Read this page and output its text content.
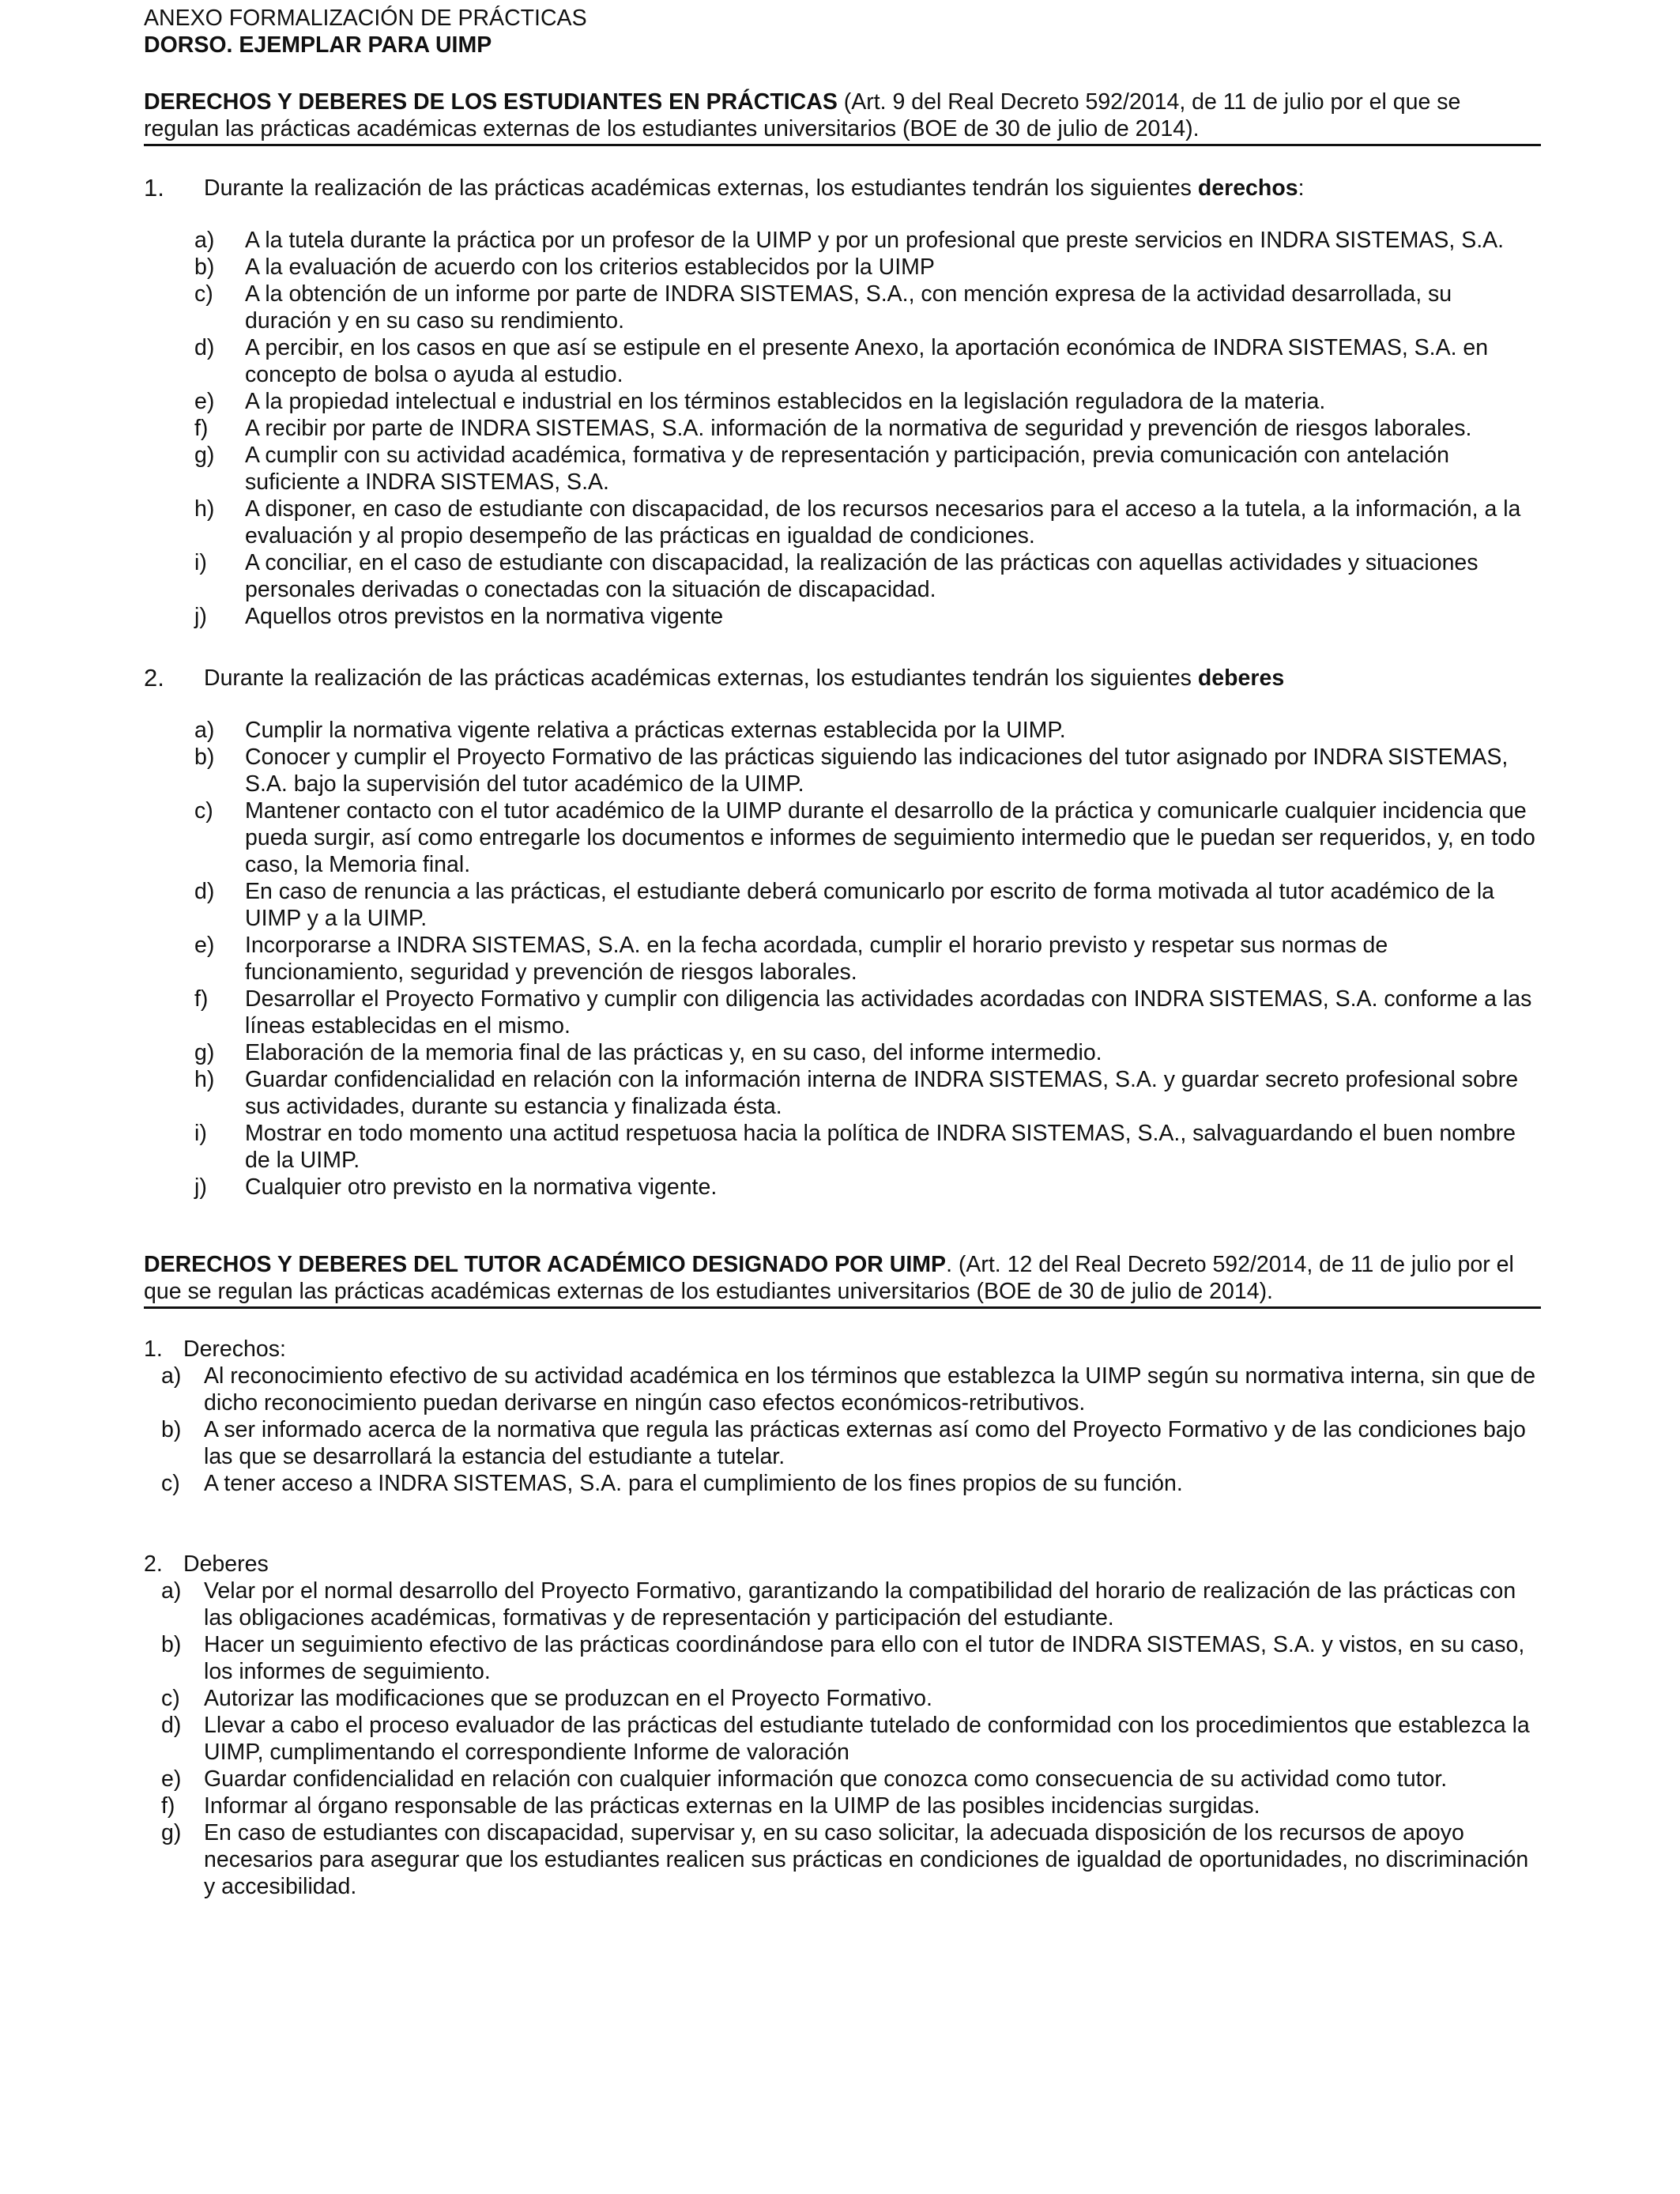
ANEXO FORMALIZACIÓN DE PRÁCTICAS

DORSO. EJEMPLAR PARA UIMP

DERECHOS Y DEBERES DE LOS ESTUDIANTES EN PRÁCTICAS (Art. 9 del Real Decreto 592/2014, de 11 de julio por el que se regulan las prácticas académicas externas de los estudiantes universitarios (BOE de 30 de julio de 2014).
1. Durante la realización de las prácticas académicas externas, los estudiantes tendrán los siguientes derechos:
a) A la tutela durante la práctica por un profesor de la UIMP y por un profesional que preste servicios en INDRA SISTEMAS, S.A.
b) A la evaluación de acuerdo con los criterios establecidos por la UIMP
c) A la obtención de un informe por parte de INDRA SISTEMAS, S.A., con mención expresa de la actividad desarrollada, su duración y en su caso su rendimiento.
d) A percibir, en los casos en que así se estipule en el presente Anexo, la aportación económica de INDRA SISTEMAS, S.A. en concepto de bolsa o ayuda al estudio.
e) A la propiedad intelectual e industrial en los términos establecidos en la legislación reguladora de la materia.
f) A recibir por parte de INDRA SISTEMAS, S.A. información de la normativa de seguridad y prevención de riesgos laborales.
g) A cumplir con su actividad académica, formativa y de representación y participación, previa comunicación con antelación suficiente a INDRA SISTEMAS, S.A.
h) A disponer, en caso de estudiante con discapacidad, de los recursos necesarios para el acceso a la tutela, a la información, a la evaluación y al propio desempeño de las prácticas en igualdad de condiciones.
i) A conciliar, en el caso de estudiante con discapacidad, la realización de las prácticas con aquellas actividades y situaciones personales derivadas o conectadas con la situación de discapacidad.
j) Aquellos otros previstos en la normativa vigente
2. Durante la realización de las prácticas académicas externas, los estudiantes tendrán los siguientes deberes
a) Cumplir la normativa vigente relativa a prácticas externas establecida por la UIMP.
b) Conocer y cumplir el Proyecto Formativo de las prácticas siguiendo las indicaciones del tutor asignado por INDRA SISTEMAS, S.A. bajo la supervisión del tutor académico de la UIMP.
c) Mantener contacto con el tutor académico de la UIMP durante el desarrollo de la práctica y comunicarle cualquier incidencia que pueda surgir, así como entregarle los documentos e informes de seguimiento intermedio que le puedan ser requeridos, y, en todo caso, la Memoria final.
d) En caso de renuncia a las prácticas, el estudiante deberá comunicarlo por escrito de forma motivada al tutor académico de la UIMP y a la UIMP.
e) Incorporarse a INDRA SISTEMAS, S.A. en la fecha acordada, cumplir el horario previsto y respetar sus normas de funcionamiento, seguridad y prevención de riesgos laborales.
f) Desarrollar el Proyecto Formativo y cumplir con diligencia las actividades acordadas con INDRA SISTEMAS, S.A. conforme a las líneas establecidas en el mismo.
g) Elaboración de la memoria final de las prácticas y, en su caso, del informe intermedio.
h) Guardar confidencialidad en relación con la información interna de INDRA SISTEMAS, S.A. y guardar secreto profesional sobre sus actividades, durante su estancia y finalizada ésta.
i) Mostrar en todo momento una actitud respetuosa hacia la política de INDRA SISTEMAS, S.A., salvaguardando el buen nombre de la UIMP.
j) Cualquier otro previsto en la normativa vigente.
DERECHOS Y DEBERES DEL TUTOR ACADÉMICO DESIGNADO POR UIMP. (Art. 12 del Real Decreto 592/2014, de 11 de julio por el que se regulan las prácticas académicas externas de los estudiantes universitarios (BOE de 30 de julio de 2014).
1. Derechos:
a) Al reconocimiento efectivo de su actividad académica en los términos que establezca la UIMP según su normativa interna, sin que de dicho reconocimiento puedan derivarse en ningún caso efectos económicos-retributivos.
b) A ser informado acerca de la normativa que regula las prácticas externas así como del Proyecto Formativo y de las condiciones bajo las que se desarrollará la estancia del estudiante a tutelar.
c) A tener acceso a INDRA SISTEMAS, S.A. para el cumplimiento de los fines propios de su función.
2. Deberes
a) Velar por el normal desarrollo del Proyecto Formativo, garantizando la compatibilidad del horario de realización de las prácticas con las obligaciones académicas, formativas y de representación y participación del estudiante.
b) Hacer un seguimiento efectivo de las prácticas coordinándose para ello con el tutor de INDRA SISTEMAS, S.A. y vistos, en su caso, los informes de seguimiento.
c) Autorizar las modificaciones que se produzcan en el Proyecto Formativo.
d) Llevar a cabo el proceso evaluador de las prácticas del estudiante tutelado de conformidad con los procedimientos que establezca la UIMP, cumplimentando el correspondiente Informe de valoración
e) Guardar confidencialidad en relación con cualquier información que conozca como consecuencia de su actividad como tutor.
f) Informar al órgano responsable de las prácticas externas en la UIMP de las posibles incidencias surgidas.
g) En caso de estudiantes con discapacidad, supervisar y, en su caso solicitar, la adecuada disposición de los recursos de apoyo necesarios para asegurar que los estudiantes realicen sus prácticas en condiciones de igualdad de oportunidades, no discriminación y accesibilidad.
